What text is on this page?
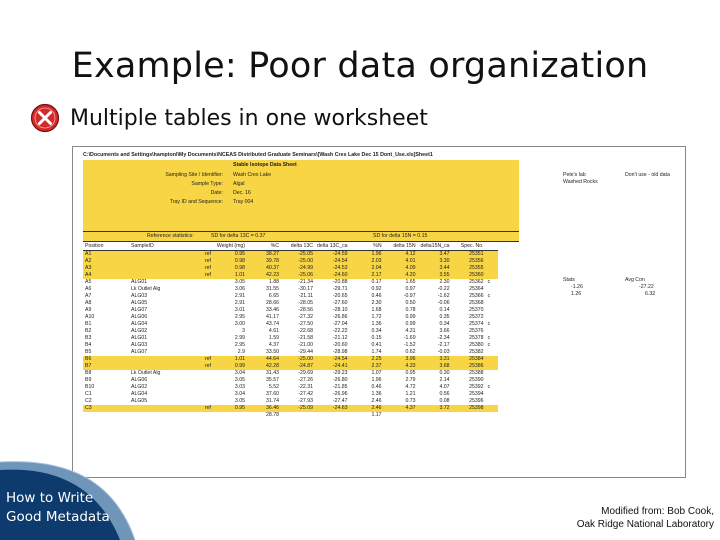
Example: Poor data organization
Multiple tables in one worksheet
C:\Documents and Settings\hamptonl\My Documents\NCEAS Distributed Graduate Seminars\[Wash Cres Lake Dec 15 Dont_Use.xls]Sheet1
Stable Isotope Data Sheet
Sampling Site / Identifier: Wash Cres Lake
Sample Type: Algal
Date: Dec. 16
Tray ID and Sequence: Tray 004
Reference statistics:	SD for delta 13C = 0.37	SD for delta 15N = 0.15
Pete's lab
Washed Rocks
Don't use - old data
Stats	Avg Con
-1.26	-27.22
1.26	6.32
Position	SampleID		Weight (mg)	%C	delta 13C	delta 13C_ca	%N	delta 15N	delta15N_ca	Spec. No.	
A1		ref	0.95	38.27	-25.05	-24.59	1.96	4.12	3.47	25351	
A2		ref	0.98	39.78	-25.00	-24.54	2.03	4.01	3.30	25356	
A3		ref	0.98	40.37	-24.99	-24.53	2.04	4.09	3.44	25355	
A4		ref	1.01	42.23	-25.06	-24.60	2.17	4.20	3.55	25360	
A5	ALG01		3.05	1.88	-21.34	-20.88	0.17	1.65	2.30	25362	c
A6	Lk Outlet Alg		3.06	31.55	-30.17	-29.71	0.92	0.97	-0.22	25364	
A7	ALG03		2.91	6.65	-21.11	-20.65	0.46	-0.97	-1.62	25366	c
A8	ALG05		2.91	28.66	-28.05	-27.60	2.30	0.50	-0.06	25368	
A9	ALG07		3.01	33.46	-28.56	-28.10	1.68	0.78	0.14	25370	
A10	ALG06		2.95	41.17	-27.32	-26.86	1.72	0.99	0.35	25372	
B1	ALG04		3.00	43.74	-27.50	-27.04	1.36	0.99	0.34	25374	c
B2	ALG02		3	4.61	-22.68	-22.22	0.34	4.31	3.66	25376	
B3	ALG01		2.99	1.59	-21.58	-21.12	0.15	-1.69	-2.34	25378	c
B4	ALG03		2.95	4.37	-21.00	-20.60	0.41	-1.52	-2.17	25380	c
B5	ALG07		2.9	33.50	-29.44	-28.98	1.74	0.62	-0.03	25382	
B6		ref	1.01	44.64	-25.00	-24.54	2.25	3.96	3.31	25384	
B7		ref	0.99	42.28	-24.87	-24.41	2.37	4.33	3.68	25386	
B8	Lk Outlet Alg		3.04	31.43	-29.69	-29.23	1.07	0.95	0.30	25388	
B9	ALG06		3.05	35.57	-27.26	-26.80	1.96	2.79	2.14	25390	
B10	ALG02		3.03	5.52	-22.31	-21.85	0.46	4.72	4.07	25392	c
C1	ALG04		3.04	37.60	-27.42	-26.96	1.36	1.21	0.56	25394	
C2	ALG05		3.05	31.74	-27.93	-27.47	2.46	0.73	0.08	25396	
C3		ref	0.95	36.46	-25.09	-24.63	2.46	4.37	3.72	25398	
				28.78			1.17				
How to Write
Good Metadata	Modified from: Bob Cook,
Oak Ridge National Laboratory
